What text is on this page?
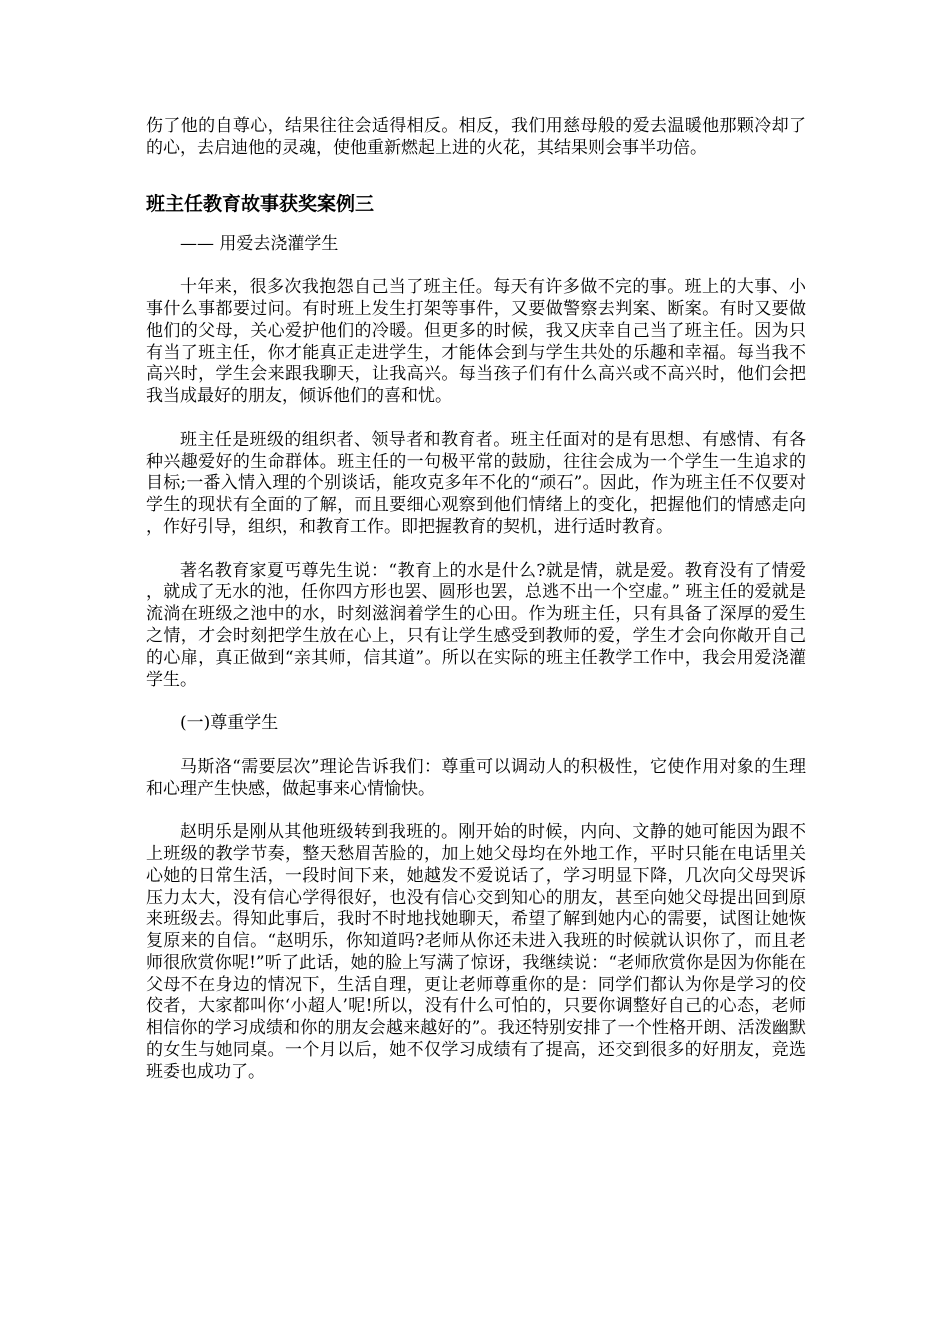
伤了他的自尊心，结果往往会适得相反。相反，我们用慈母般的爱去温暖他那颗冷却了的心，去启迪他的灵魂，使他重新燃起上进的火花，其结果则会事半功倍。

班主任教育故事获奖案例三

—— 用爱去浇灌学生

十年来，很多次我抱怨自己当了班主任。每天有许多做不完的事。班上的大事、小事什么事都要过问。有时班上发生打架等事件，又要做警察去判案、断案。有时又要做他们的父母，关心爱护他们的冷暖。但更多的时候，我又庆幸自己当了班主任。因为只有当了班主任，你才能真正走进学生，才能体会到与学生共处的乐趣和幸福。每当我不高兴时，学生会来跟我聊天，让我高兴。每当孩子们有什么高兴或不高兴时，他们会把我当成最好的朋友，倾诉他们的喜和忧。

班主任是班级的组织者、领导者和教育者。班主任面对的是有思想、有感情、有各种兴趣爱好的生命群体。班主任的一句极平常的鼓励，往往会成为一个学生一生追求的目标;一番入情入理的个别谈话，能攻克多年不化的“顽石”。因此，作为班主任不仅要对学生的现状有全面的了解，而且要细心观察到他们情绪上的变化，把握他们的情感走向，作好引导，组织，和教育工作。即把握教育的契机，进行适时教育。

著名教育家夏丐尊先生说：“教育上的水是什么?就是情，就是爱。教育没有了情爱，就成了无水的池，任你四方形也罢、圆形也罢，总逃不出一个空虚。” 班主任的爱就是流淌在班级之池中的水，时刻滋润着学生的心田。作为班主任，只有具备了深厚的爱生之情，才会时刻把学生放在心上，只有让学生感受到教师的爱，学生才会向你敞开自己的心扉，真正做到“亲其师，信其道”。所以在实际的班主任教学工作中，我会用爱浇灌学生。

(一)尊重学生

马斯洛“需要层次”理论告诉我们：尊重可以调动人的积极性，它使作用对象的生理和心理产生快感，做起事来心情愉快。

赵明乐是刚从其他班级转到我班的。刚开始的时候，内向、文静的她可能因为跟不上班级的教学节奏，整天愁眉苦脸的，加上她父母均在外地工作，平时只能在电话里关心她的日常生活，一段时间下来，她越发不爱说话了，学习明显下降，几次向父母哭诉压力太大，没有信心学得很好，也没有信心交到知心的朋友，甚至向她父母提出回到原来班级去。得知此事后，我时不时地找她聊天，希望了解到她内心的需要，试图让她恢复原来的自信。“赵明乐，你知道吗?老师从你还未进入我班的时候就认识你了，而且老师很欣赏你呢!”听了此话，她的脸上写满了惊讶，我继续说：“老师欣赏你是因为你能在父母不在身边的情况下，生活自理，更让老师尊重你的是：同学们都认为你是学习的佼佼者，大家都叫你‘小超人’呢!所以，没有什么可怕的，只要你调整好自己的心态，老师相信你的学习成绩和你的朋友会越来越好的”。我还特别安排了一个性格开朗、活泼幽默的女生与她同桌。一个月以后，她不仅学习成绩有了提高，还交到很多的好朋友，竞选班委也成功了。
